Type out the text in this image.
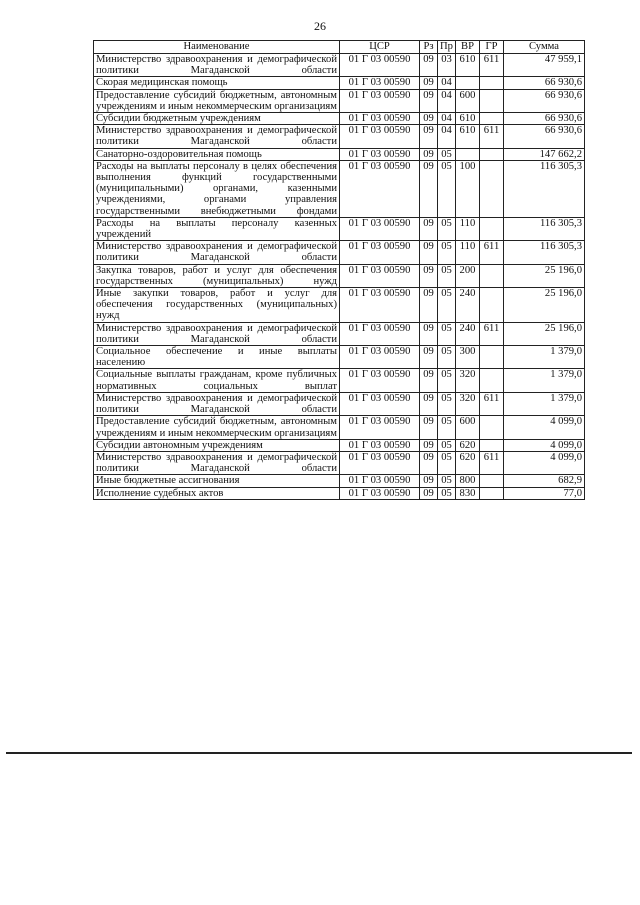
26
Наименование	ЦСР	Рз	Пр	ВР	ГР	Сумма
Министерство здравоохранения и демографической политики Магаданской области	01 Г 03 00590	09	03	610	611	47 959,1
Скорая медицинская помощь	01 Г 03 00590	09	04			66 930,6
Предоставление субсидий бюджетным, автономным учреждениям и иным некоммерческим организациям	01 Г 03 00590	09	04	600		66 930,6
Субсидии бюджетным учреждениям	01 Г 03 00590	09	04	610		66 930,6
Министерство здравоохранения и демографической политики Магаданской области	01 Г 03 00590	09	04	610	611	66 930,6
Санаторно-оздоровительная помощь	01 Г 03 00590	09	05			147 662,2
Расходы на выплаты персоналу в целях обеспечения выполнения функций государственными (муниципальными) органами, казенными учреждениями, органами управления государственными внебюджетными фондами	01 Г 03 00590	09	05	100		116 305,3
Расходы на выплаты персоналу казенных учреждений	01 Г 03 00590	09	05	110		116 305,3
Министерство здравоохранения и демографической политики Магаданской области	01 Г 03 00590	09	05	110	611	116 305,3
Закупка товаров, работ и услуг для обеспечения государственных (муниципальных) нужд	01 Г 03 00590	09	05	200		25 196,0
Иные закупки товаров, работ и услуг для обеспечения государственных (муниципальных) нужд	01 Г 03 00590	09	05	240		25 196,0
Министерство здравоохранения и демографической политики Магаданской области	01 Г 03 00590	09	05	240	611	25 196,0
Социальное обеспечение и иные выплаты населению	01 Г 03 00590	09	05	300		1 379,0
Социальные выплаты гражданам, кроме публичных нормативных социальных выплат	01 Г 03 00590	09	05	320		1 379,0
Министерство здравоохранения и демографической политики Магаданской области	01 Г 03 00590	09	05	320	611	1 379,0
Предоставление субсидий бюджетным, автономным учреждениям и иным некоммерческим организациям	01 Г 03 00590	09	05	600		4 099,0
Субсидии автономным учреждениям	01 Г 03 00590	09	05	620		4 099,0
Министерство здравоохранения и демографической политики Магаданской области	01 Г 03 00590	09	05	620	611	4 099,0
Иные бюджетные ассигнования	01 Г 03 00590	09	05	800		682,9
Исполнение судебных актов	01 Г 03 00590	09	05	830		77,0
